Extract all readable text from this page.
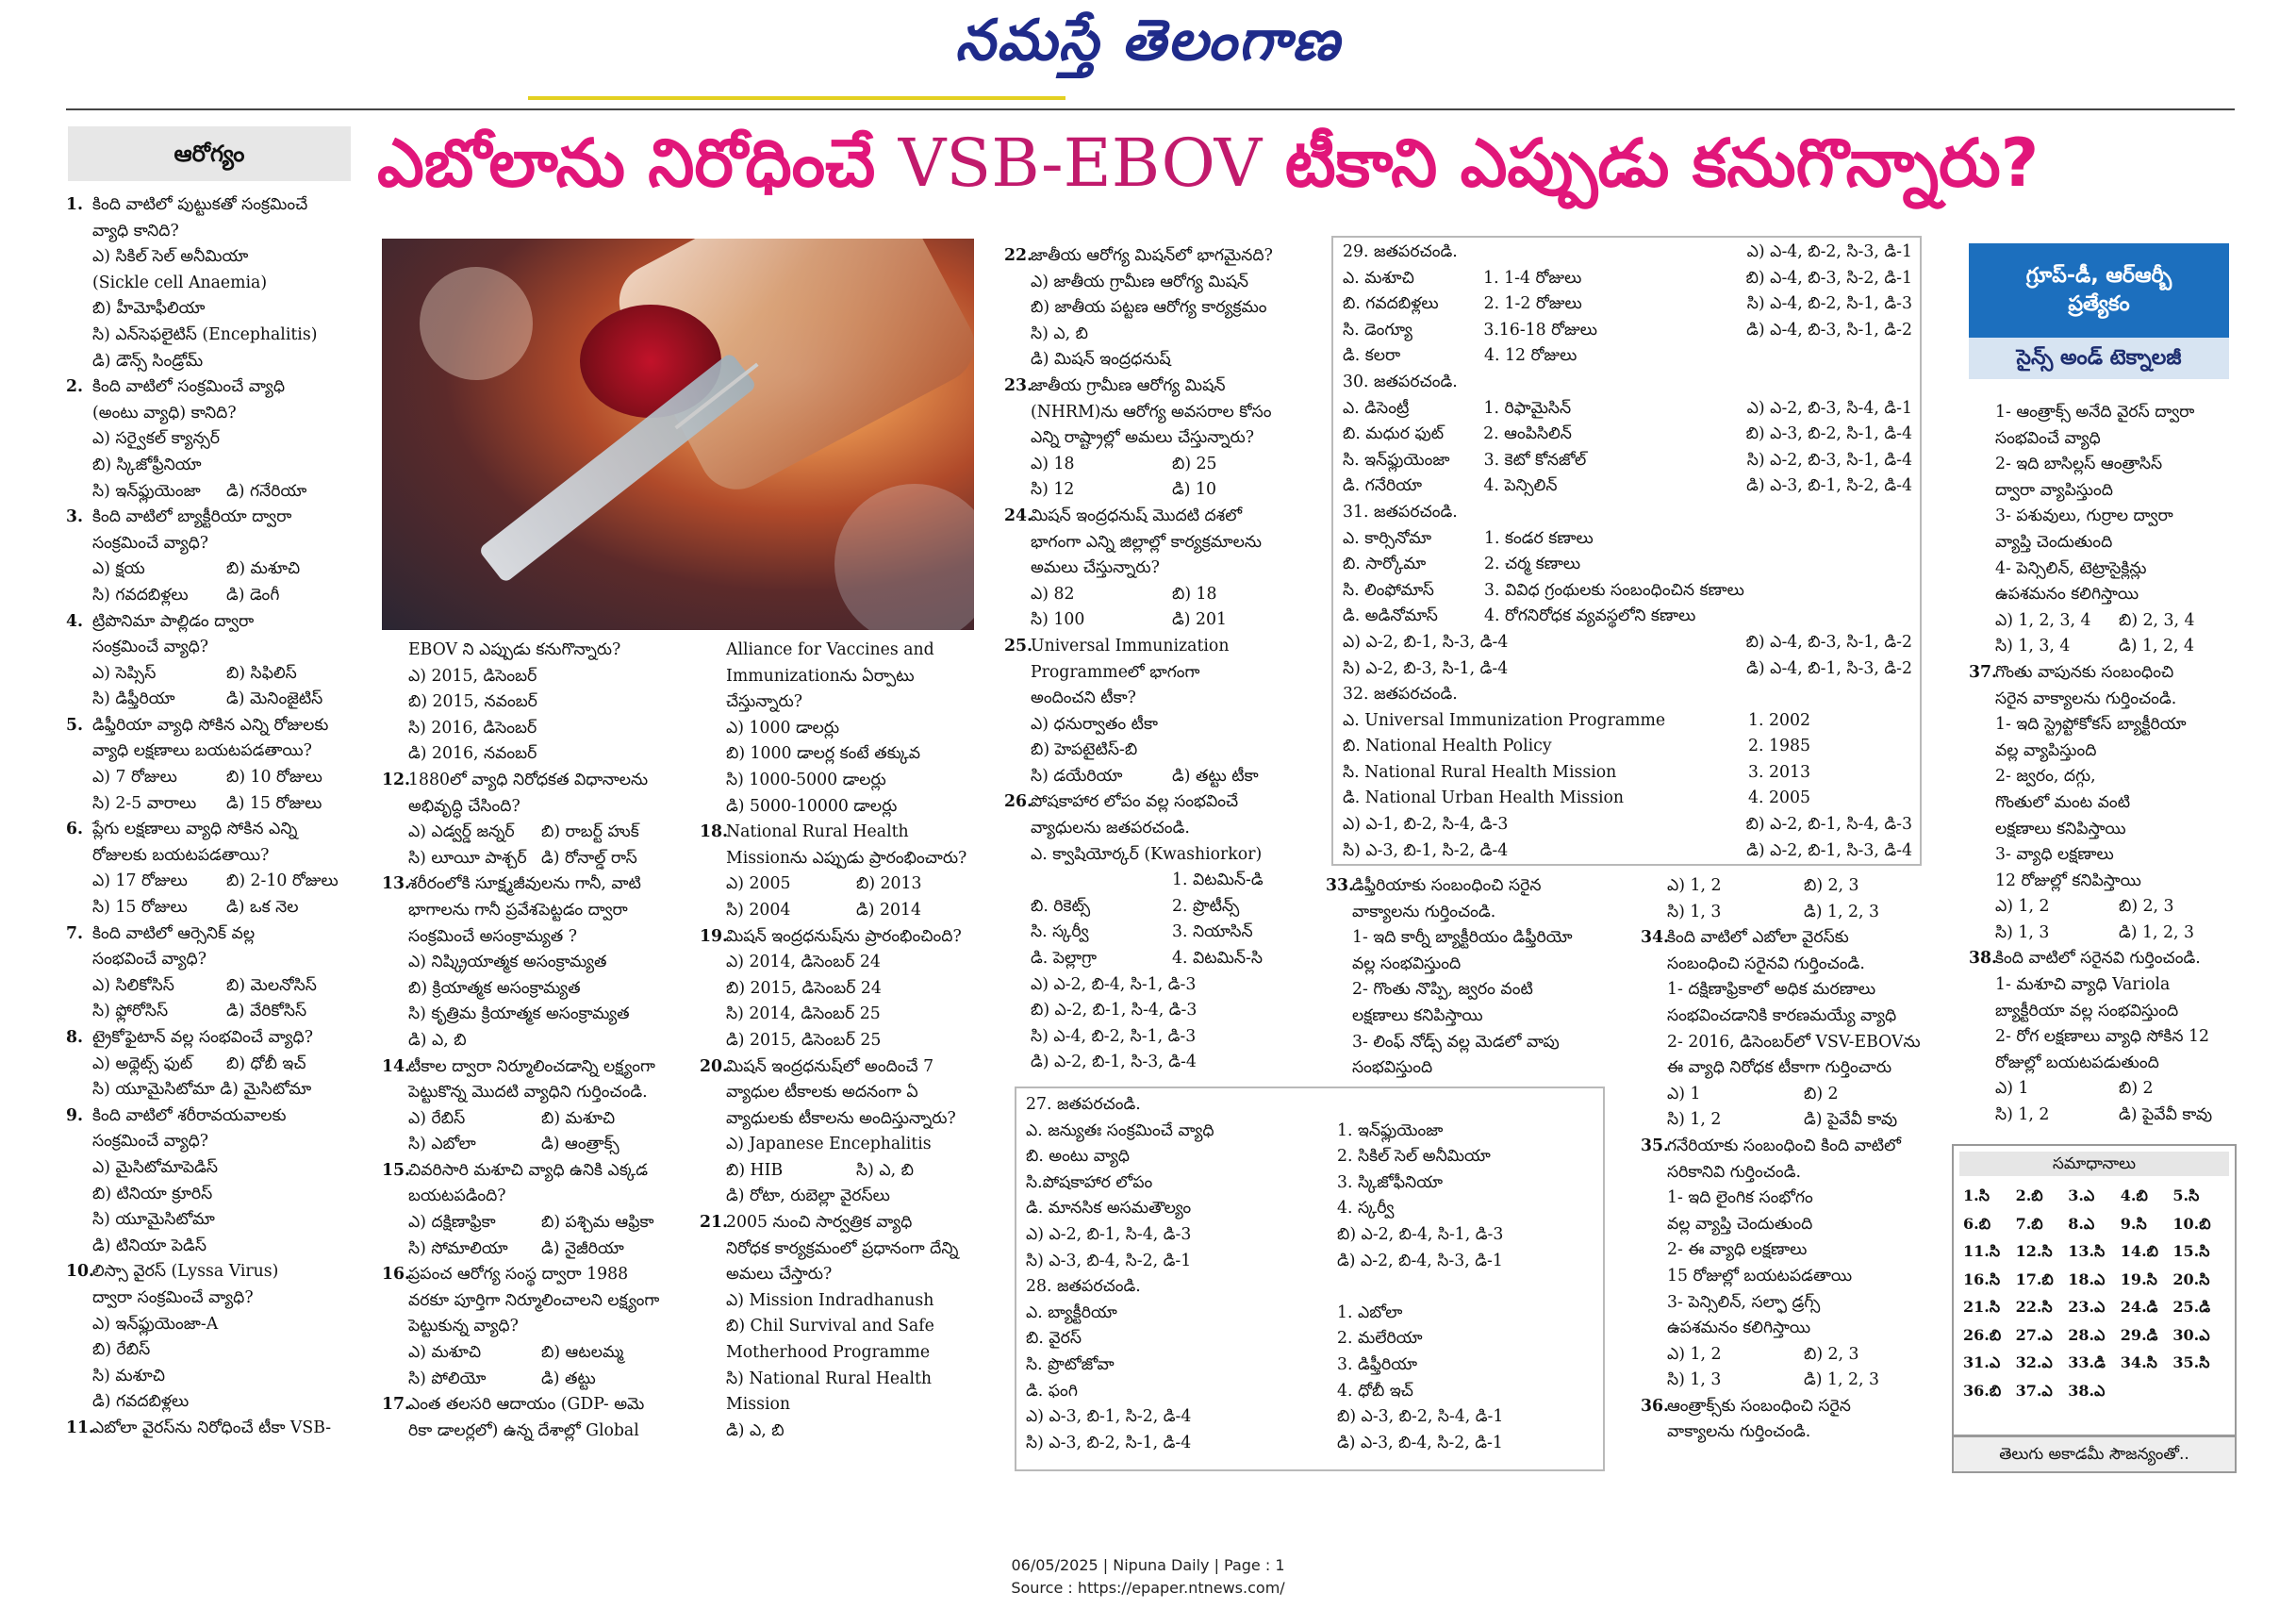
నమస్తే తెలంగాణ
ఆరోగ్యం	ఎబోలాను నిరోధించే VSB-EBOV టీకాని ఎప్పుడు కనుగొన్నారు?
1. కింది వాటిలో పుట్టుకతో సంక్రమించే
వ్యాధి కానిది?
ఎ) సికిల్ సెల్ అనీమియా
(Sickle cell Anaemia)
బి) హీమోఫీలియా
సి) ఎన్‌సెఫలైటిస్ (Encephalitis)
డి) డౌన్స్ సిండ్రోమ్
2. కింది వాటిలో సంక్రమించే వ్యాధి
(అంటు వ్యాధి) కానిది?
ఎ) సర్వైకల్ క్యాన్సర్
బి) స్కిజోఫ్రీనియా
సి) ఇన్‌ఫ్లుయెంజా	డి) గనేరియా
3. కింది వాటిలో బ్యాక్టీరియా ద్వారా
సంక్రమించే వ్యాధి?
ఎ) క్షయ	బి) మశూచి
సి) గవదబిళ్లలు	డి) డెంగీ
4. ట్రిపొనిమా పాల్లిడం ద్వారా
సంక్రమించే వ్యాధి?
ఎ) సెప్సిస్	బి) సిఫిలిస్
సి) డిఫ్తీరియా	డి) మెనింజైటిస్
5. డిఫ్తీరియా వ్యాధి సోకిన ఎన్ని రోజులకు
వ్యాధి లక్షణాలు బయటపడతాయి?
ఎ) 7 రోజులు	బి) 10 రోజులు
సి) 2-5 వారాలు	డి) 15 రోజులు
6. ప్లేగు లక్షణాలు వ్యాధి సోకిన ఎన్ని
రోజులకు బయటపడతాయి?
ఎ) 17 రోజులు	బి) 2-10 రోజులు
సి) 15 రోజులు	డి) ఒక నెల
7. కింది వాటిలో ఆర్సెనిక్ వల్ల
సంభవించే వ్యాధి?
ఎ) సిలికోసిస్	బి) మెలనోసిస్
సి) ఫ్లోరోసిస్	డి) వేరికోసిస్
8. ట్రైకోఫైటాన్ వల్ల సంభవించే వ్యాధి?
ఎ) అథ్లెట్స్ ఫుట్	బి) ధోబీ ఇచ్
సి) యూమైసిటోమా డి) మైసిటోమా
9. కింది వాటిలో శరీరావయవాలకు
సంక్రమించే వ్యాధి?
ఎ) మైసిటోమాపెడిస్
బి) టినియా క్రూరిస్
సి) యూమైసిటోమా
డి) టినియా పెడిస్
10.లిస్సా వైరస్ (Lyssa Virus)
ద్వారా సంక్రమించే వ్యాధి?
ఎ) ఇన్‌ఫ్లుయెంజా-A
బి) రేబిస్
సి) మశూచి
డి) గవదబిళ్లలు
11.ఎబోలా వైరస్‌ను నిరోధించే టీకా VSB-
EBOV ని ఎప్పుడు కనుగొన్నారు?
ఎ) 2015, డిసెంబర్
బి) 2015, నవంబర్
సి) 2016, డిసెంబర్
డి) 2016, నవంబర్
12.1880లో వ్యాధి నిరోధకత విధానాలను
అభివృద్ధి చేసింది?
ఎ) ఎడ్వర్డ్ జన్నర్	బి) రాబర్ట్ హుక్
సి) లూయీ పాశ్చర్ డి) రోనాల్డ్ రాస్
13.శరీరంలోకి సూక్ష్మజీవులను గానీ, వాటి
భాగాలను గానీ ప్రవేశపెట్టడం ద్వారా
సంక్రమించే అసంక్రామ్యత ?
ఎ) నిష్క్రియాత్మక అసంక్రామ్యత
బి) క్రియాత్మక అసంక్రామ్యత
సి) కృత్రిమ క్రియాత్మక అసంక్రామ్యత
డి) ఎ, బి
14.టీకాల ద్వారా నిర్మూలించడాన్ని లక్ష్యంగా
పెట్టుకొన్న మొదటి వ్యాధిని గుర్తించండి.
ఎ) రేబిస్	బి) మశూచి
సి) ఎబోలా	డి) ఆంత్రాక్స్
15.చివరిసారి మశూచి వ్యాధి ఉనికి ఎక్కడ
బయటపడింది?
ఎ) దక్షిణాఫ్రికా	బి) పశ్చిమ ఆఫ్రికా
సి) సోమాలియా	డి) నైజీరియా
16.ప్రపంచ ఆరోగ్య సంస్థ ద్వారా 1988
వరకూ పూర్తిగా నిర్మూలించాలని లక్ష్యంగా
పెట్టుకున్న వ్యాధి?
ఎ) మశూచి	బి) ఆటలమ్మ
సి) పోలియో	డి) తట్టు
17.ఎంత తలసరి ఆదాయం (GDP- అమె
రికా డాలర్లలో) ఉన్న దేశాల్లో Global
Alliance for Vaccines and
Immunizationను ఏర్పాటు
చేస్తున్నారు?
ఎ) 1000 డాలర్లు
బి) 1000 డాలర్ల కంటే తక్కువ
సి) 1000-5000 డాలర్లు
డి) 5000-10000 డాలర్లు
18.National Rural Health
Missionను ఎప్పుడు ప్రారంభించారు?
ఎ) 2005	బి) 2013
సి) 2004	డి) 2014
19.మిషన్ ఇంద్రధనుష్‌ను ప్రారంభించింది?
ఎ) 2014, డిసెంబర్ 24
బి) 2015, డిసెంబర్ 24
సి) 2014, డిసెంబర్ 25
డి) 2015, డిసెంబర్ 25
20.మిషన్ ఇంద్రధనుష్‌లో అందించే 7
వ్యాధుల టీకాలకు అదనంగా ఏ
వ్యాధులకు టీకాలను అందిస్తున్నారు?
ఎ) Japanese Encephalitis
బి) HIB	సి) ఎ, బి
డి) రోటా, రుబెల్లా వైరస్‌లు
21.2005 నుంచి సార్వత్రిక వ్యాధి
నిరోధక కార్యక్రమంలో ప్రధానంగా దేన్ని
అమలు చేస్తారు?
ఎ) Mission Indradhanush
బి) Chil Survival and Safe
Motherhood Programme
సి) National Rural Health
Mission
డి) ఎ, బి
22.జాతీయ ఆరోగ్య మిషన్‌లో భాగమైనది?
ఎ) జాతీయ గ్రామీణ ఆరోగ్య మిషన్
బి) జాతీయ పట్టణ ఆరోగ్య కార్యక్రమం
సి) ఎ, బి
డి) మిషన్ ఇంద్రధనుష్
23.జాతీయ గ్రామీణ ఆరోగ్య మిషన్
(NHRM)ను ఆరోగ్య అవసరాల కోసం
ఎన్ని రాష్ట్రాల్లో అమలు చేస్తున్నారు?
ఎ) 18	బి) 25
సి) 12	డి) 10
24.మిషన్ ఇంద్రధనుష్ మొదటి దశలో
భాగంగా ఎన్ని జిల్లాల్లో కార్యక్రమాలను
అమలు చేస్తున్నారు?
ఎ) 82	బి) 18
సి) 100	డి) 201
25.Universal Immunization
Programmeలో భాగంగా
అందించని టీకా?
ఎ) ధనుర్వాతం టీకా
బి) హెపటైటిస్-బి
సి) డయేరియా	డి) తట్టు టీకా
26.పోషకాహార లోపం వల్ల సంభవించే
వ్యాధులను జతపరచండి.
ఎ. క్వాషియోర్కర్ (Kwashiorkor)
1. విటమిన్-డి
బి. రికెట్స్	2. ప్రొటీన్స్
సి. స్కర్వీ	3. నియాసిన్
డి. పెల్లాగ్రా	4. విటమిన్-సి
ఎ) ఎ-2, బి-4, సి-1, డి-3
బి) ఎ-2, బి-1, సి-4, డి-3
సి) ఎ-4, బి-2, సి-1, డి-3
డి) ఎ-2, బి-1, సి-3, డి-4
27. జతపరచండి.
ఎ. జన్యుతః సంక్రమించే వ్యాధి	1. ఇన్‌ఫ్లుయెంజా
బి. అంటు వ్యాధి	2. సికిల్ సెల్ అనీమియా
సి.పోషకాహార లోపం	3. స్కిజోఫీనియా
డి. మానసిక అసమతౌల్యం	4. స్కర్వీ
ఎ) ఎ-2, బి-1, సి-4, డి-3	బి) ఎ-2, బి-4, సి-1, డి-3
సి) ఎ-3, బి-4, సి-2, డి-1	డి) ఎ-2, బి-4, సి-3, డి-1
28. జతపరచండి.
ఎ. బ్యాక్టీరియా	1. ఎబోలా
బి. వైరస్	2. మలేరియా
సి. ప్రొటోజోవా	3. డిఫ్తీరియా
డి. ఫంగి	4. ధోబీ ఇచ్
ఎ) ఎ-3, బి-1, సి-2, డి-4	బి) ఎ-3, బి-2, సి-4, డి-1
సి) ఎ-3, బి-2, సి-1, డి-4	డి) ఎ-3, బి-4, సి-2, డి-1
29. జతపరచండి.	ఎ) ఎ-4, బి-2, సి-3, డి-1
ఎ. మశూచి	1. 1-4 రోజులు	బి) ఎ-4, బి-3, సి-2, డి-1
బి. గవదబిళ్లలు	2. 1-2 రోజులు	సి) ఎ-4, బి-2, సి-1, డి-3
సి. డెంగ్యూ	3.16-18 రోజులు	డి) ఎ-4, బి-3, సి-1, డి-2
డి. కలరా	4. 12 రోజులు
30. జతపరచండి.
ఎ. డిసెంట్రీ	1. రిఫామైసిన్	ఎ) ఎ-2, బి-3, సి-4, డి-1
బి. మధుర ఫుట్	2. ఆంపిసిలిన్	బి) ఎ-3, బి-2, సి-1, డి-4
సి. ఇన్‌ఫ్లుయెంజా	3. కెటో కోనజోల్	సి) ఎ-2, బి-3, సి-1, డి-4
డి. గనేరియా	4. పెన్సిలిన్	డి) ఎ-3, బి-1, సి-2, డి-4
31. జతపరచండి.
ఎ. కార్సినోమా	1. కండర కణాలు
బి. సార్కోమా	2. చర్మ కణాలు
సి. లింఫోమాస్	3. వివిధ గ్రంథులకు సంబంధించిన కణాలు
డి. అడినోమాస్	4. రోగనిరోధక వ్యవస్థలోని కణాలు
ఎ) ఎ-2, బి-1, సి-3, డి-4	బి) ఎ-4, బి-3, సి-1, డి-2
సి) ఎ-2, బి-3, సి-1, డి-4	డి) ఎ-4, బి-1, సి-3, డి-2
32. జతపరచండి.
ఎ. Universal Immunization Programme	1. 2002
బి. National Health Policy	2. 1985
సి. National Rural Health Mission	3. 2013
డి. National Urban Health Mission	4. 2005
ఎ) ఎ-1, బి-2, సి-4, డి-3	బి) ఎ-2, బి-1, సి-4, డి-3
సి) ఎ-3, బి-1, సి-2, డి-4	డి) ఎ-2, బి-1, సి-3, డి-4
33.డిఫ్తీరియాకు సంబంధించి సరైన
వాక్యాలను గుర్తించండి.
1- ఇది కార్నీ బ్యాక్టీరియం డిఫ్తీరియో
వల్ల సంభవిస్తుంది
2- గొంతు నొప్పి, జ్వరం వంటి
లక్షణాలు కనిపిస్తాయి
3- లింఫ్ నోడ్స్ వల్ల మెడలో వాపు
సంభవిస్తుంది
ఎ) 1, 2	బి) 2, 3
సి) 1, 3	డి) 1, 2, 3
34.కింది వాటిలో ఎబోలా వైరస్‌కు
సంబంధించి సరైనవి గుర్తించండి.
1- దక్షిణాఫ్రికాలో అధిక మరణాలు
సంభవించడానికి కారణమయ్యే వ్యాధి
2- 2016, డిసెంబర్‌లో VSV-EBOVను
ఈ వ్యాధి నిరోధక టీకాగా గుర్తించారు
ఎ) 1	బి) 2
సి) 1, 2	డి) పైవేవీ కావు
35.గనేరియాకు సంబంధించి కింది వాటిలో
సరికానివి గుర్తించండి.
1- ఇది లైంగిక సంభోగం
వల్ల వ్యాప్తి చెందుతుంది
2- ఈ వ్యాధి లక్షణాలు
15 రోజుల్లో బయటపడతాయి
3- పెన్సిలిన్, సల్ఫా డ్రగ్స్
ఉపశమనం కలిగిస్తాయి
ఎ) 1, 2	బి) 2, 3
సి) 1, 3	డి) 1, 2, 3
36.ఆంత్రాక్స్‌కు సంబంధించి సరైన
వాక్యాలను గుర్తించండి.
గ్రూప్-డీ, ఆర్ఆర్బీ
ప్రత్యేకం
సైన్స్ అండ్ టెక్నాలజీ
1- ఆంత్రాక్స్ అనేది వైరస్ ద్వారా
సంభవించే వ్యాధి
2- ఇది బాసిల్లస్ ఆంత్రాసిస్
ద్వారా వ్యాపిస్తుంది
3- పశువులు, గుర్రాల ద్వారా
వ్యాప్తి చెందుతుంది
4- పెన్సిలిన్, టెట్రాసైక్లిన్లు
ఉపశమనం కలిగిస్తాయి
ఎ) 1, 2, 3, 4	బి) 2, 3, 4
సి) 1, 3, 4	డి) 1, 2, 4
37.గొంతు వాపునకు సంబంధించి
సరైన వాక్యాలను గుర్తించండి.
1- ఇది స్ట్రెప్టోకోకస్ బ్యాక్టీరియా
వల్ల వ్యాపిస్తుంది
2- జ్వరం, దగ్గు,
గొంతులో మంట వంటి
లక్షణాలు కనిపిస్తాయి
3- వ్యాధి లక్షణాలు
12 రోజుల్లో కనిపిస్తాయి
ఎ) 1, 2	బి) 2, 3
సి) 1, 3	డి) 1, 2, 3
38.కింది వాటిలో సరైనవి గుర్తించండి.
1- మశూచి వ్యాధి Variola
బ్యాక్టీరియా వల్ల సంభవిస్తుంది
2- రోగ లక్షణాలు వ్యాధి సోకిన 12
రోజుల్లో బయటపడుతుంది
ఎ) 1	బి) 2
సి) 1, 2	డి) పైవేవీ కావు
సమాధానాలు
1.సి	2.బి	3.ఎ	4.బి	5.సి
6.బి	7.బి	8.ఎ	9.సి	10.బి
11.సి	12.సి	13.సి	14.బి 15.సి
16.సి	17.బి 18.ఎ	19.సి	20.సి
21.సి	22.సి	23.ఎ	24.డి 25.డి
26.బి 27.ఎ	28.ఎ	29.డి 30.ఎ
31.ఎ	32.ఎ	33.డి 34.సి	35.సి
36.బి 37.ఎ	38.ఎ
తెలుగు అకాడమీ సౌజన్యంతో..
06/05/2025 | Nipuna Daily | Page : 1
Source : https://epaper.ntnews.com/
